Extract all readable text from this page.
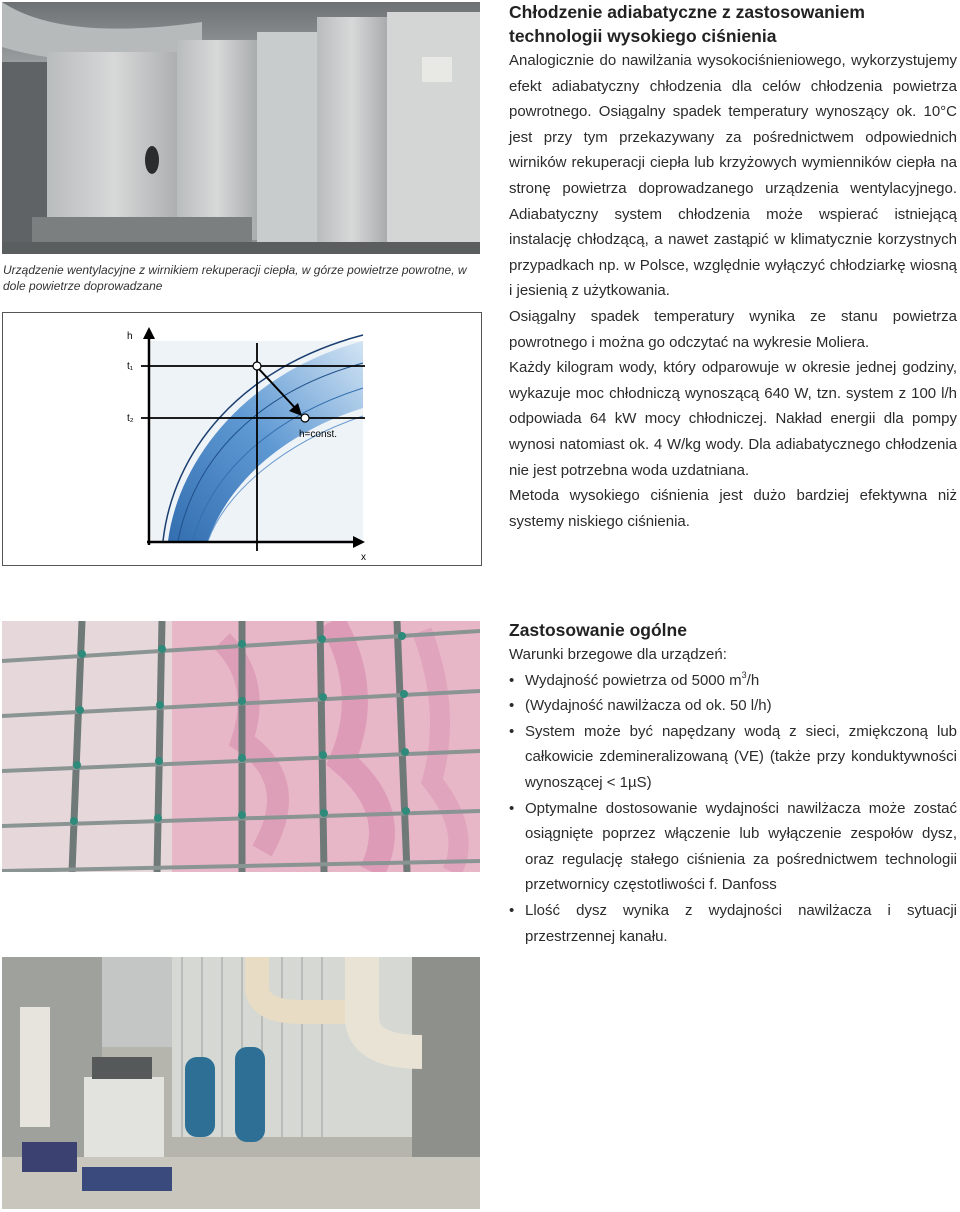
Urządzenie wentylacyjne z wirnikiem rekuperacji ciepła, w górze powietrze powrotne, w dole powietrze doprowadzane
h
t₁
t₂
h=const.
x
Chłodzenie adiabatyczne z zastosowaniem technologii wysokiego ciśnienia

Analogicznie do nawilżania wysokociśnieniowego, wykorzystujemy efekt adiabatyczny chłodzenia dla celów chłodzenia powietrza powrotnego. Osiągalny spadek temperatury wynoszący ok. 10°C jest przy tym przekazywany za pośrednictwem odpowiednich wirników rekuperacji ciepła lub krzyżowych wymienników ciepła na stronę powietrza doprowadzanego urządzenia wentylacyjnego. Adiabatyczny system chłodzenia może wspierać istniejącą instalację chłodzącą, a nawet zastąpić w klimatycznie korzystnych przypadkach np. w Polsce, względnie wyłączyć chłodziarkę wiosną i jesienią z użytkowania.

Osiągalny spadek temperatury wynika ze stanu powietrza powrotnego i można go odczytać na wykresie Moliera.

Każdy kilogram wody, który odparowuje w okresie jednej godziny, wykazuje moc chłodniczą wynoszącą 640 W, tzn. system z 100 l/h odpowiada 64 kW mocy chłodniczej. Nakład energii dla pompy wynosi natomiast ok. 4 W/kg wody. Dla adiabatycznego chłodzenia nie jest potrzebna woda uzdatniana.

Metoda wysokiego ciśnienia jest dużo bardziej efektywna niż systemy niskiego ciśnienia.

Zastosowanie ogólne

Warunki brzegowe dla urządzeń:

• Wydajność powietrza od 5000 $m^3/h$
• (Wydajność nawilżacza od ok. 50 l/h)
• System może być napędzany wodą z sieci, zmiękczoną lub całkowicie zdemineralizowaną (VE) (także przy konduktywności wynoszącej < 1µS)
• Optymalne dostosowanie wydajności nawilżacza może zostać osiągnięte poprzez włączenie lub wyłączenie zespołów dysz, oraz regulację stałego ciśnienia za pośrednictwem technologii przetwornicy częstotliwości f. Danfoss
• Llość dysz wynika z wydajności nawilżacza i sytuacji przestrzennej kanału.
